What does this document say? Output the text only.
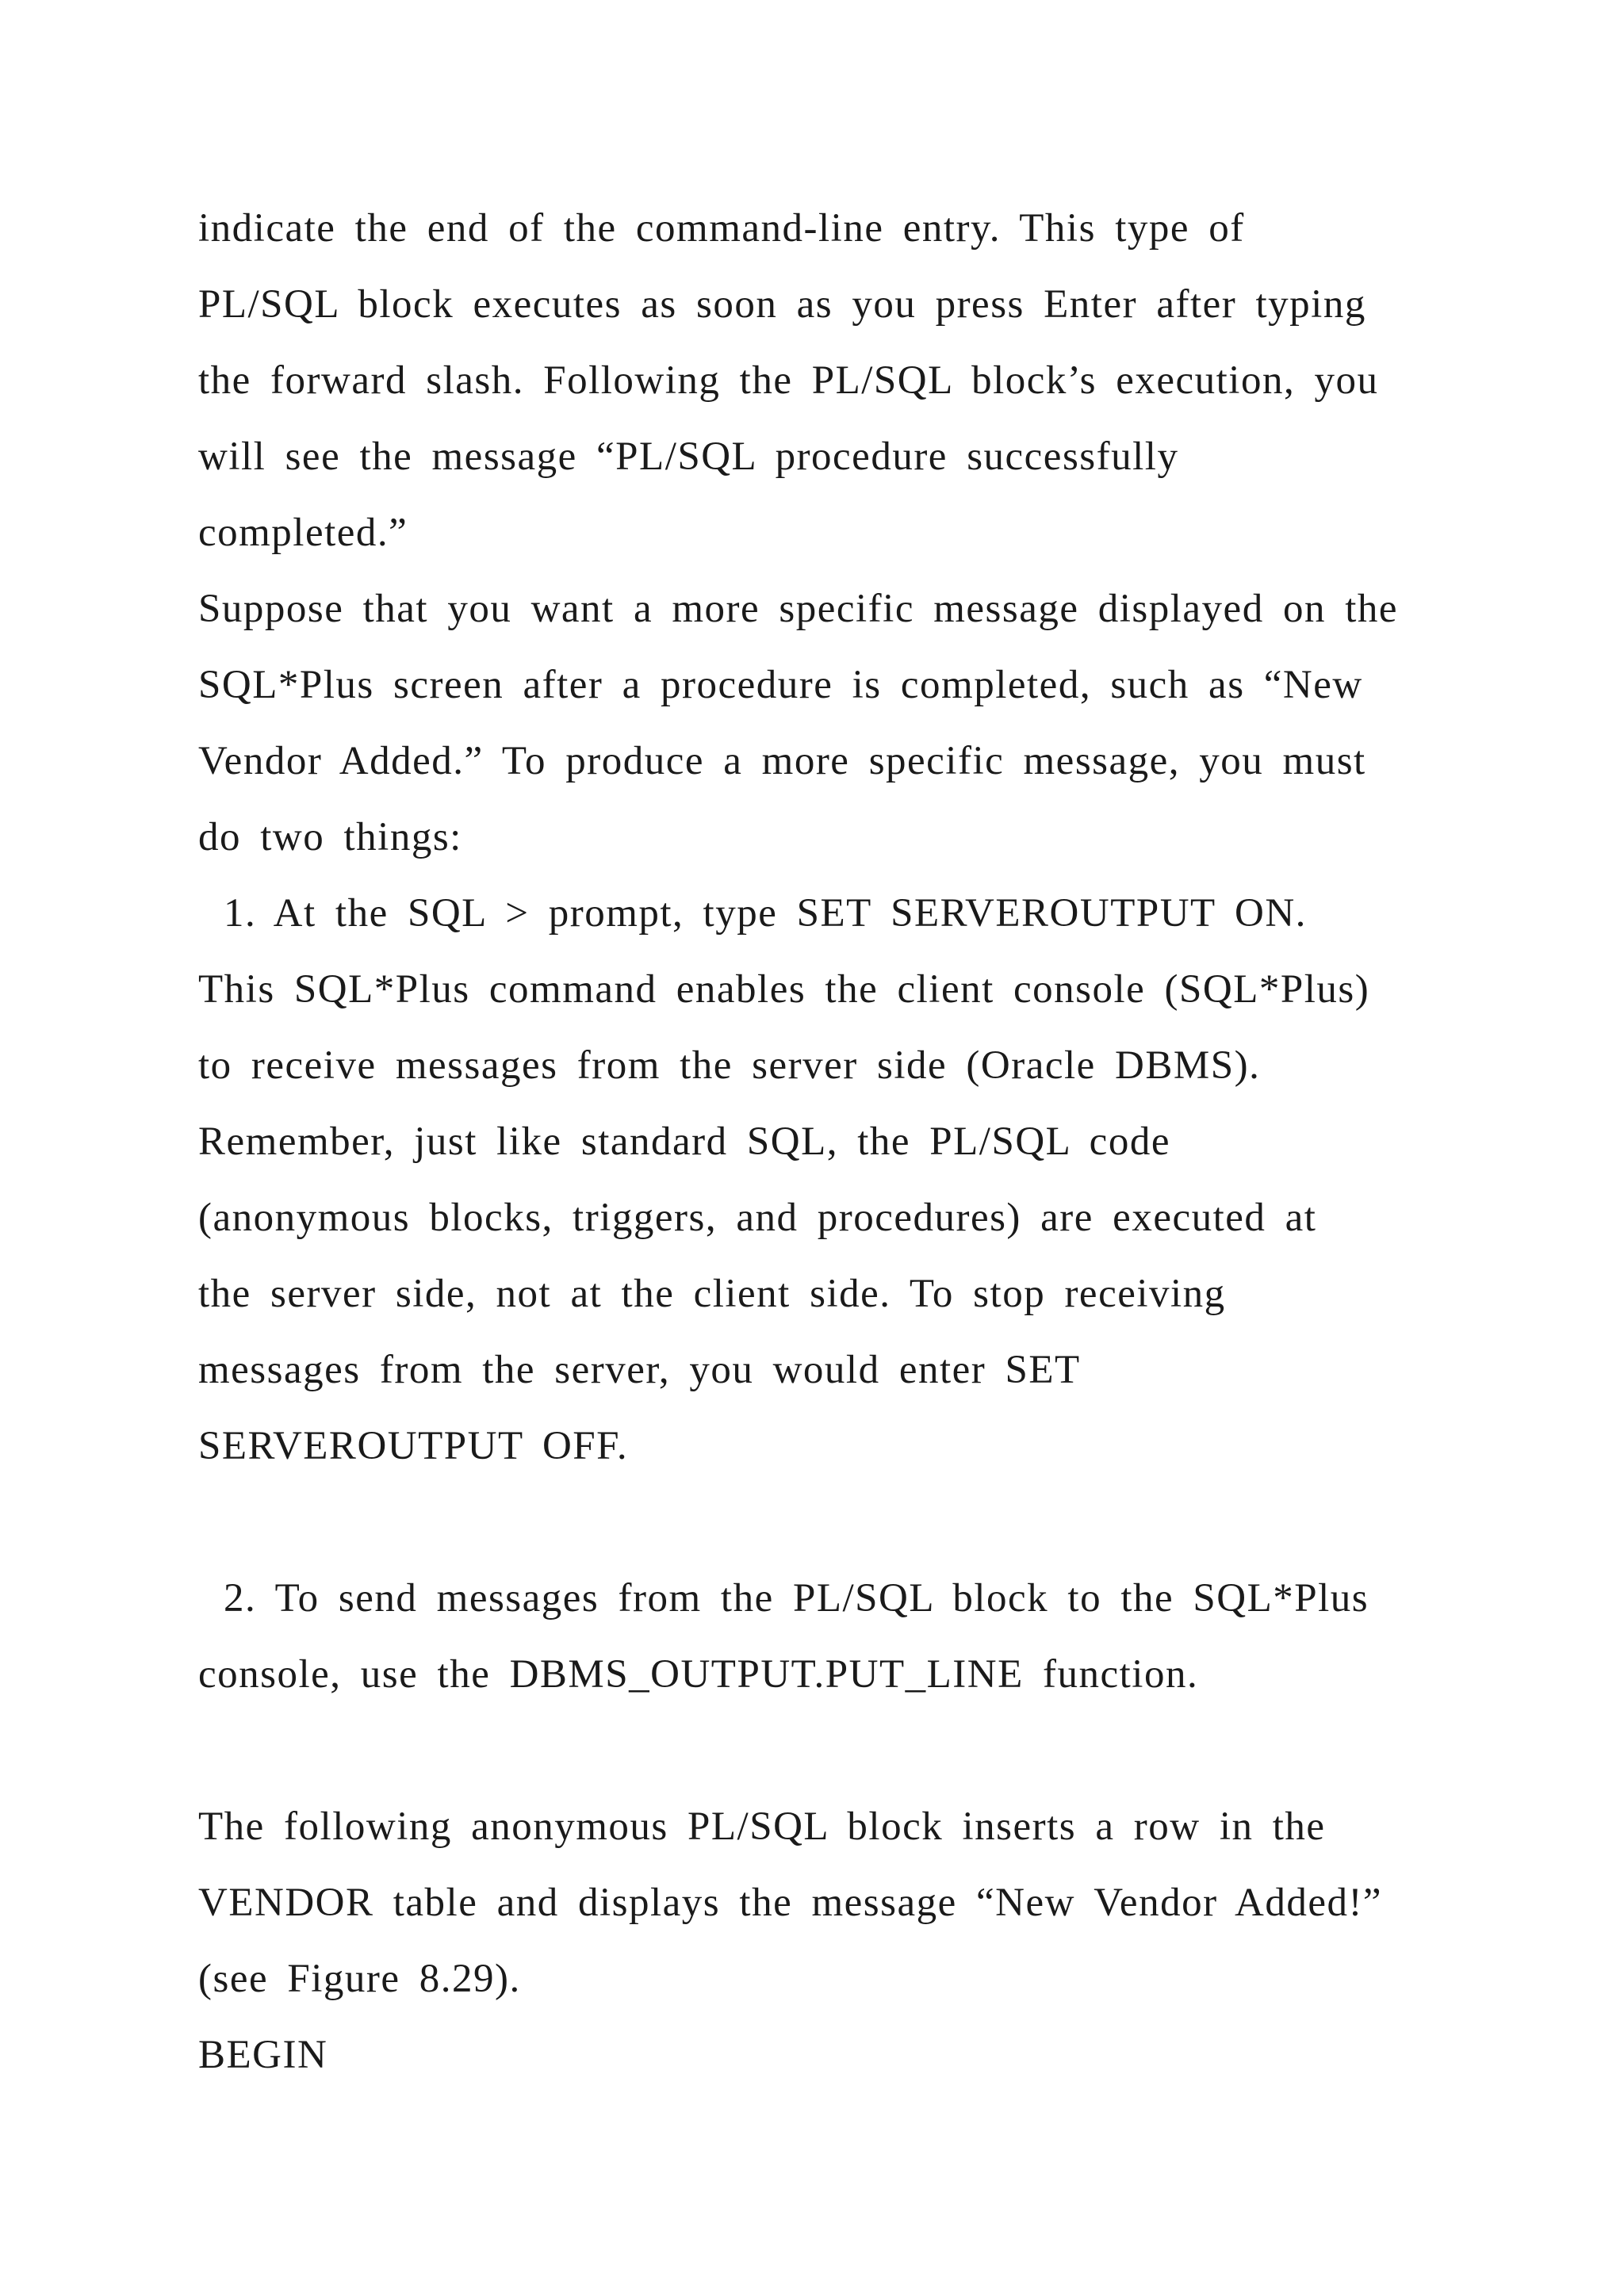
indicate the end of the command-line entry. This type of
PL/SQL block executes as soon as you press Enter after typing
the forward slash. Following the PL/SQL block’s execution, you
will see the message “PL/SQL procedure successfully
completed.”
Suppose that you want a more specific message displayed on the
SQL*Plus screen after a procedure is completed, such as “New
Vendor Added.” To produce a more specific message, you must
do two things:
1. At the SQL > prompt, type SET SERVEROUTPUT ON.
This SQL*Plus command enables the client console (SQL*Plus)
to receive messages from the server side (Oracle DBMS).
Remember, just like standard SQL, the PL/SQL code
(anonymous blocks, triggers, and procedures) are executed at
the server side, not at the client side. To stop receiving
messages from the server, you would enter SET
SERVEROUTPUT OFF.
2. To send messages from the PL/SQL block to the SQL*Plus
console, use the DBMS_OUTPUT.PUT_LINE function.
The following anonymous PL/SQL block inserts a row in the
VENDOR table and displays the message “New Vendor Added!”
(see Figure 8.29).
BEGIN
